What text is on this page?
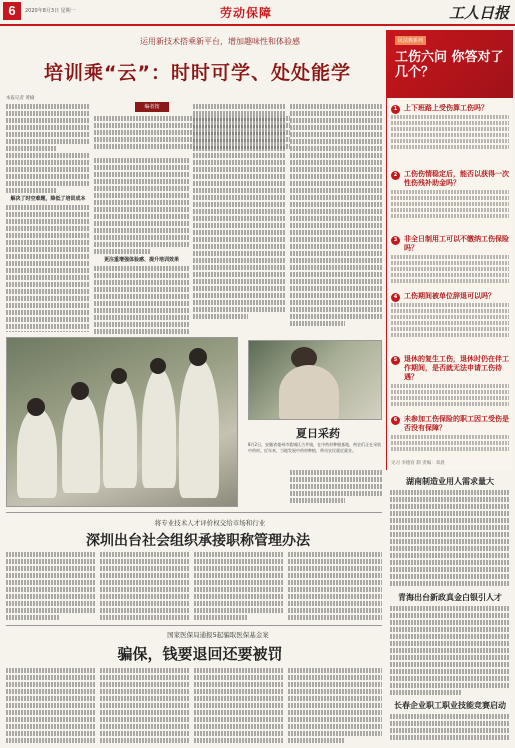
6	2020年8月3日 星期一	劳动保障	工人日报
运用新技术搭乘新平台，增加趣味性和体验感
培训乘“云”：时时可学、处处能学
本报记者 黄榆
编者按
解决了时空难题，降低了培训成本
更注重增强体验感、提升培训效果
夏日采药
8月2日，安徽省亳州市谯城区古井镇，在中药材种植基地，药农们正在采收中药材。近年来，当地发展中药材种植，带动农民就近就业。
将专业技术人才评价权交给市场和行业
深圳出台社会组织承接职称管理办法
国家医保局通报5起骗取医保基金案
骗保，钱要退回还要被罚
民法典系列
工伤六问 你答对了几个？
1 上下班路上受伤算工伤吗？
2 工伤伤情稳定后，能否以获得一次性伤残补助金吗？
3 非全日制用工可以不缴纳工伤保险吗？
4 工伤期间被单位辞退可以吗？
5 退休的复生工伤，退休时仍在伴工作期间，是否就无法申请工伤待遇？
6 未参加工伤保险的职工因工受伤是否没有保障？
见习 李德育 制 责编：邓晨
湖南制造业用人需求量大
青海出台新政真金白银引人才
长春企业职工职业技能竞赛启动
